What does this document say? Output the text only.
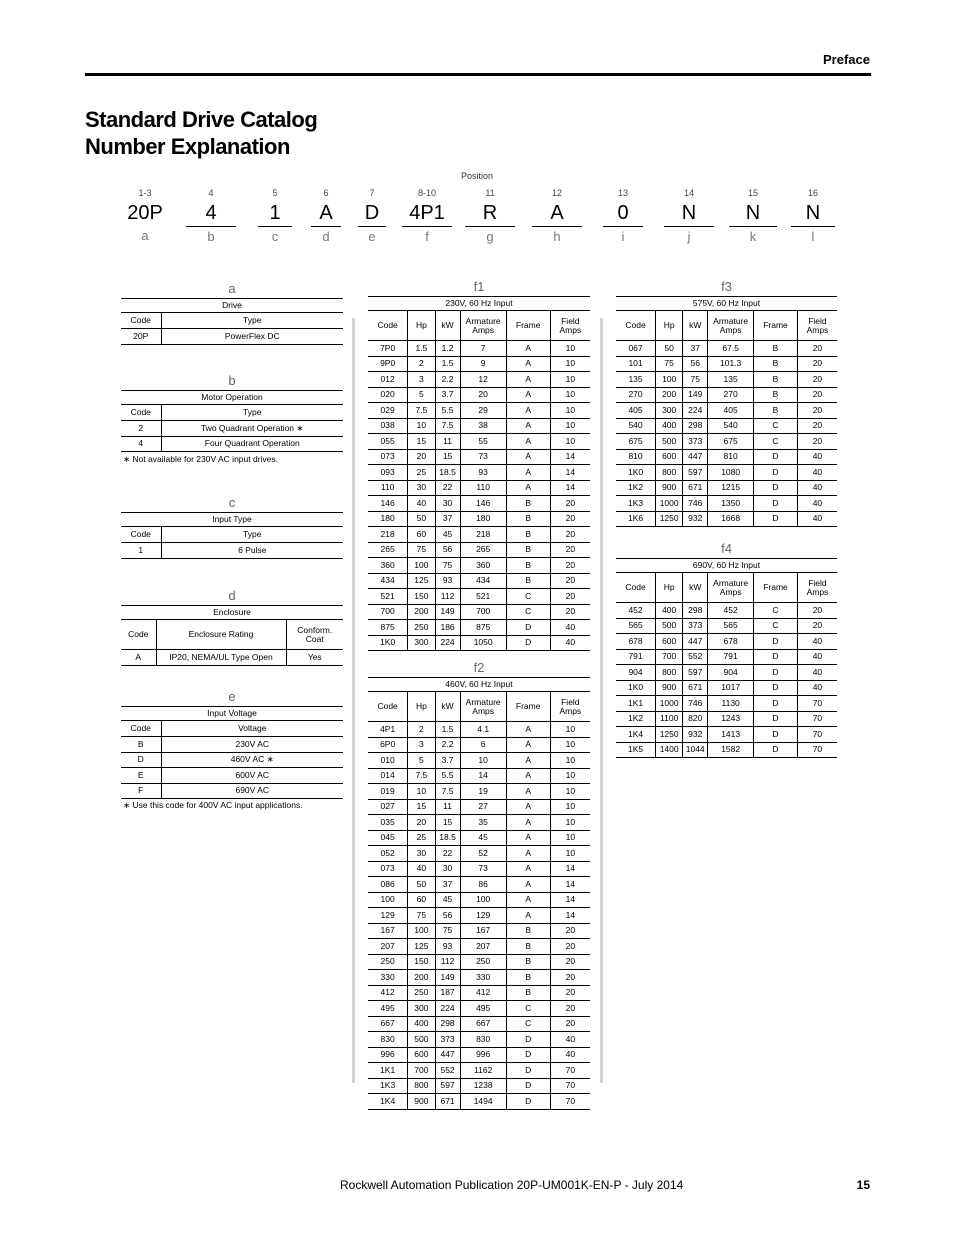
Preface
Standard Drive Catalog
Number Explanation
Position
1-3
20P
a
4
4
b
5
1
c
6
A
d
7
D
e
8-10
4P1
f
11
R
g
12
A
h
13
0
i
14
N
j
15
N
k
16
N
l
a
Drive	
Code	Type
20P	PowerFlex DC
b
Motor Operation	
Code	Type
2	Two Quadrant Operation ∗
4	Four Quadrant Operation
∗ Not available for 230V AC input drives.
c
Input Type	
Code	Type
1	6 Pulse
d
Enclosure		
Code	Enclosure Rating	Conform. Coat
A	IP20, NEMA/UL Type Open	Yes
e
Input Voltage	
Code	Voltage
B	230V AC
D	460V AC ∗
E	600V AC
F	690V AC
∗ Use this code for 400V AC input applications.
f1
230V, 60 Hz Input					
Code	Hp	kW	Armature Amps	Frame	Field Amps
7P0	1.5	1.2	7	A	10
9P0	2	1.5	9	A	10
012	3	2.2	12	A	10
020	5	3.7	20	A	10
029	7.5	5.5	29	A	10
038	10	7.5	38	A	10
055	15	11	55	A	10
073	20	15	73	A	14
093	25	18.5	93	A	14
110	30	22	110	A	14
146	40	30	146	B	20
180	50	37	180	B	20
218	60	45	218	B	20
265	75	56	265	B	20
360	100	75	360	B	20
434	125	93	434	B	20
521	150	112	521	C	20
700	200	149	700	C	20
875	250	186	875	D	40
1K0	300	224	1050	D	40
f2
460V, 60 Hz Input					
Code	Hp	kW	Armature Amps	Frame	Field Amps
4P1	2	1.5	4.1	A	10
6P0	3	2.2	6	A	10
010	5	3.7	10	A	10
014	7.5	5.5	14	A	10
019	10	7.5	19	A	10
027	15	11	27	A	10
035	20	15	35	A	10
045	25	18.5	45	A	10
052	30	22	52	A	10
073	40	30	73	A	14
086	50	37	86	A	14
100	60	45	100	A	14
129	75	56	129	A	14
167	100	75	167	B	20
207	125	93	207	B	20
250	150	112	250	B	20
330	200	149	330	B	20
412	250	187	412	B	20
495	300	224	495	C	20
667	400	298	667	C	20
830	500	373	830	D	40
996	600	447	996	D	40
1K1	700	552	1162	D	70
1K3	800	597	1238	D	70
1K4	900	671	1494	D	70
f3
575V, 60 Hz Input					
Code	Hp	kW	Armature Amps	Frame	Field Amps
067	50	37	67.5	B	20
101	75	56	101.3	B	20
135	100	75	135	B	20
270	200	149	270	B	20
405	300	224	405	B	20
540	400	298	540	C	20
675	500	373	675	C	20
810	600	447	810	D	40
1K0	800	597	1080	D	40
1K2	900	671	1215	D	40
1K3	1000	746	1350	D	40
1K6	1250	932	1668	D	40
f4
690V, 60 Hz Input					
Code	Hp	kW	Armature Amps	Frame	Field Amps
452	400	298	452	C	20
565	500	373	565	C	20
678	600	447	678	D	40
791	700	552	791	D	40
904	800	597	904	D	40
1K0	900	671	1017	D	40
1K1	1000	746	1130	D	70
1K2	1100	820	1243	D	70
1K4	1250	932	1413	D	70
1K5	1400	1044	1582	D	70
Rockwell Automation Publication 20P-UM001K-EN-P - July 2014	15
